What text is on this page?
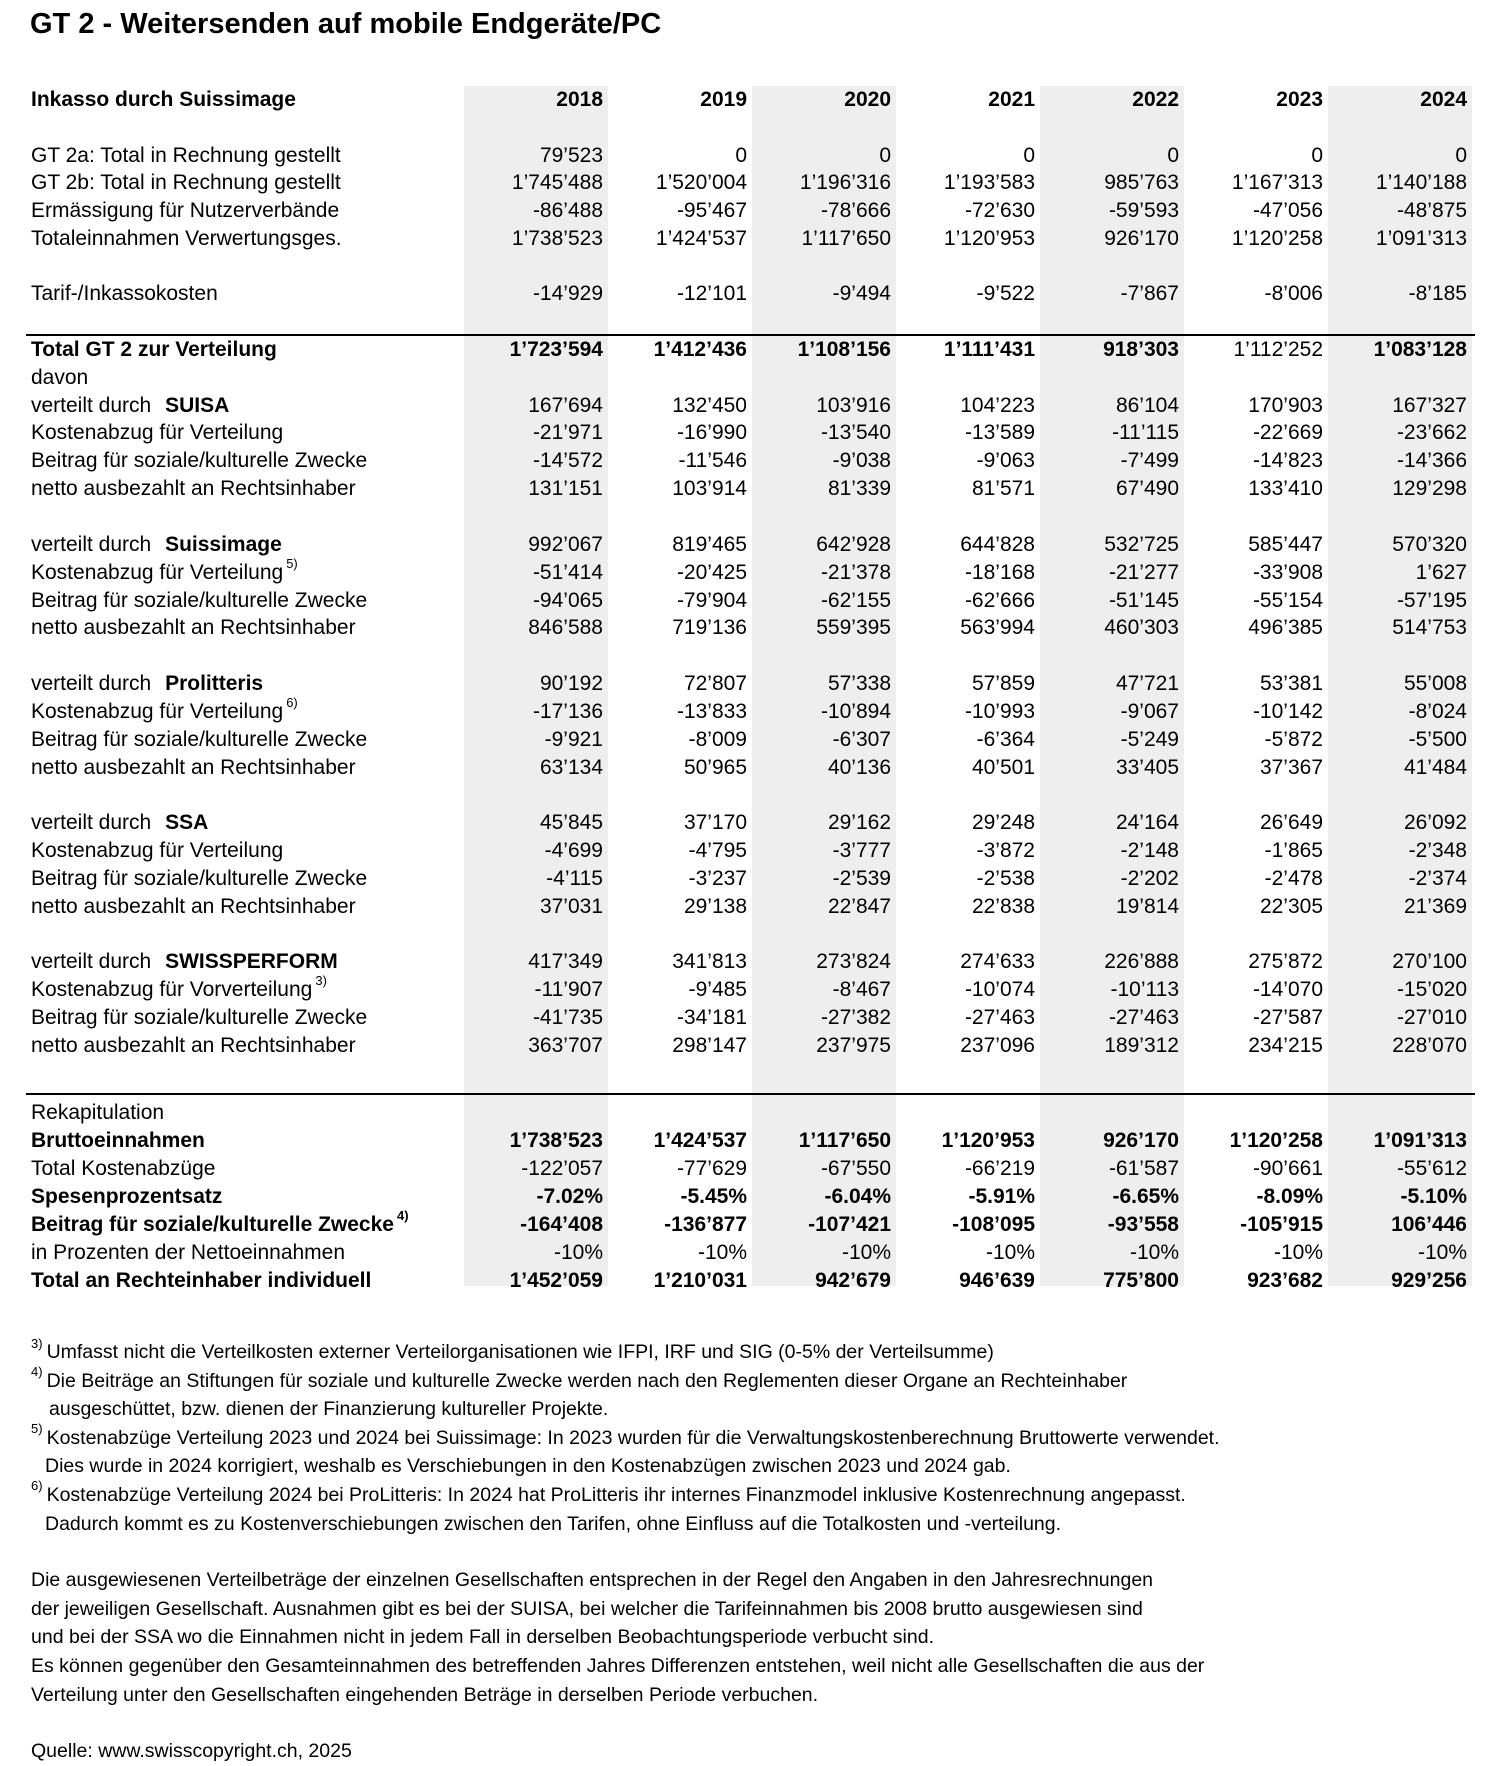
GT 2 - Weitersenden auf mobile Endgeräte/PC
Inkasso durch Suissimage	2018	2019	2020	2021	2022	2023	2024
GT 2a: Total in Rechnung gestellt	79’523	0	0	0	0	0	0
GT 2b: Total in Rechnung gestellt	1’745’488	1’520’004	1’196’316	1’193’583	985’763	1’167’313	1’140’188
Ermässigung für Nutzerverbände	-86’488	-95’467	-78’666	-72’630	-59’593	-47’056	-48’875
Totaleinnahmen Verwertungsges.	1’738’523	1’424’537	1’117’650	1’120’953	926’170	1’120’258	1’091’313
Tarif-/Inkassokosten	-14’929	-12’101	-9’494	-9’522	-7’867	-8’006	-8’185
Total GT 2 zur Verteilung	1’723’594	1’412’436	1’108’156	1’111’431	918’303	1’112’252	1’083’128
davon
verteilt durch SUISA	167’694	132’450	103’916	104’223	86’104	170’903	167’327
Kostenabzug für Verteilung	-21’971	-16’990	-13’540	-13’589	-11’115	-22’669	-23’662
Beitrag für soziale/kulturelle Zwecke	-14’572	-11’546	-9’038	-9’063	-7’499	-14’823	-14’366
netto ausbezahlt an Rechtsinhaber	131’151	103’914	81’339	81’571	67’490	133’410	129’298
verteilt durch Suissimage	992’067	819’465	642’928	644’828	532’725	585’447	570’320
Kostenabzug für Verteilung $^{5)}$	-51’414	-20’425	-21’378	-18’168	-21’277	-33’908	1’627
Beitrag für soziale/kulturelle Zwecke	-94’065	-79’904	-62’155	-62’666	-51’145	-55’154	-57’195
netto ausbezahlt an Rechtsinhaber	846’588	719’136	559’395	563’994	460’303	496’385	514’753
verteilt durch Prolitteris	90’192	72’807	57’338	57’859	47’721	53’381	55’008
Kostenabzug für Verteilung $^{6)}$	-17’136	-13’833	-10’894	-10’993	-9’067	-10’142	-8’024
Beitrag für soziale/kulturelle Zwecke	-9’921	-8’009	-6’307	-6’364	-5’249	-5’872	-5’500
netto ausbezahlt an Rechtsinhaber	63’134	50’965	40’136	40’501	33’405	37’367	41’484
verteilt durch SSA	45’845	37’170	29’162	29’248	24’164	26’649	26’092
Kostenabzug für Verteilung	-4’699	-4’795	-3’777	-3’872	-2’148	-1’865	-2’348
Beitrag für soziale/kulturelle Zwecke	-4’115	-3’237	-2’539	-2’538	-2’202	-2’478	-2’374
netto ausbezahlt an Rechtsinhaber	37’031	29’138	22’847	22’838	19’814	22’305	21’369
verteilt durch SWISSPERFORM	417’349	341’813	273’824	274’633	226’888	275’872	270’100
Kostenabzug für Vorverteilung $^{3)}$	-11’907	-9’485	-8’467	-10’074	-10’113	-14’070	-15’020
Beitrag für soziale/kulturelle Zwecke	-41’735	-34’181	-27’382	-27’463	-27’463	-27’587	-27’010
netto ausbezahlt an Rechtsinhaber	363’707	298’147	237’975	237’096	189’312	234’215	228’070
Rekapitulation
Bruttoeinnahmen	1’738’523	1’424’537	1’117’650	1’120’953	926’170	1’120’258	1’091’313
Total Kostenabzüge	-122’057	-77’629	-67’550	-66’219	-61’587	-90’661	-55’612
Spesenprozentsatz	-7.02%	-5.45%	-6.04%	-5.91%	-6.65%	-8.09%	-5.10%
Beitrag für soziale/kulturelle Zwecke $^{4)}$	-164’408	-136’877	-107’421	-108’095	-93’558	-105’915	106’446
in Prozenten der Nettoeinnahmen	-10%	-10%	-10%	-10%	-10%	-10%	-10%
Total an Rechteinhaber individuell	1’452’059	1’210’031	942’679	946’639	775’800	923’682	929’256

$^{3)}$ Umfasst nicht die Verteilkosten externer Verteilorganisationen wie IFPI, IRF und SIG (0-5% der Verteilsumme)

$^{4)}$ Die Beiträge an Stiftungen für soziale und kulturelle Zwecke werden nach den Reglementen dieser Organe an Rechteinhaber
ausgeschüttet, bzw. dienen der Finanzierung kultureller Projekte.

$^{5)}$ Kostenabzüge Verteilung 2023 und 2024 bei Suissimage: In 2023 wurden für die Verwaltungskostenberechnung Bruttowerte verwendet.
Dies wurde in 2024 korrigiert, weshalb es Verschiebungen in den Kostenabzügen zwischen 2023 und 2024 gab.

$^{6)}$ Kostenabzüge Verteilung 2024 bei ProLitteris: In 2024 hat ProLitteris ihr internes Finanzmodel inklusive Kostenrechnung angepasst.
Dadurch kommt es zu Kostenverschiebungen zwischen den Tarifen, ohne Einfluss auf die Totalkosten und -verteilung.

Die ausgewiesenen Verteilbeträge der einzelnen Gesellschaften entsprechen in der Regel den Angaben in den Jahresrechnungen

der jeweiligen Gesellschaft. Ausnahmen gibt es bei der SUISA, bei welcher die Tarifeinnahmen bis 2008 brutto ausgewiesen sind

und bei der SSA wo die Einnahmen nicht in jedem Fall in derselben Beobachtungsperiode verbucht sind.

Es können gegenüber den Gesamteinnahmen des betreffenden Jahres Differenzen entstehen, weil nicht alle Gesellschaften die aus der

Verteilung unter den Gesellschaften eingehenden Beträge in derselben Periode verbuchen.

Quelle: www.swisscopyright.ch, 2025
